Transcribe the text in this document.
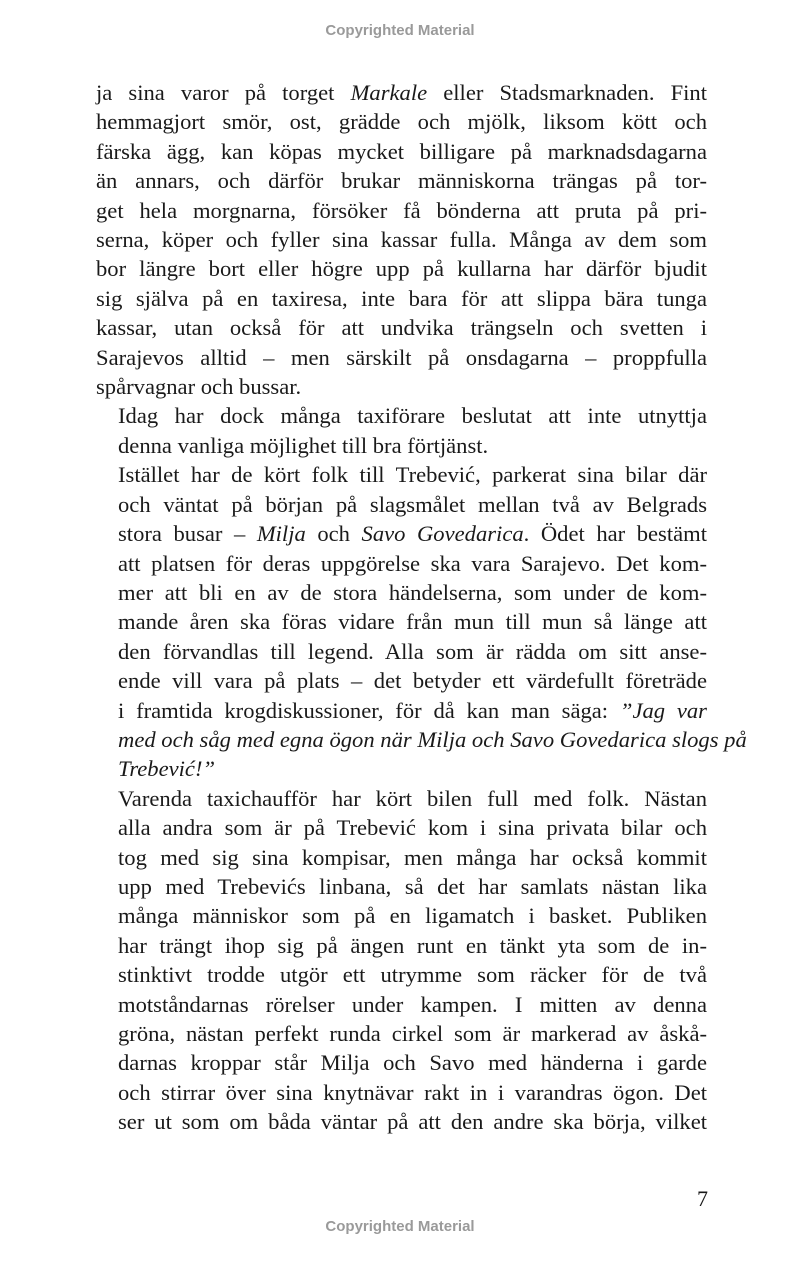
Copyrighted Material

ja sina varor på torget Markale eller Stadsmarknaden. Fint
hemmagjort smör, ost, grädde och mjölk, liksom kött och
färska ägg, kan köpas mycket billigare på marknadsdagarna
än annars, och därför brukar människorna trängas på tor-
get hela morgnarna, försöker få bönderna att pruta på pri-
serna, köper och fyller sina kassar fulla. Många av dem som
bor längre bort eller högre upp på kullarna har därför bjudit
sig själva på en taxiresa, inte bara för att slippa bära tunga
kassar, utan också för att undvika trängseln och svetten i
Sarajevos alltid – men särskilt på onsdagarna – proppfulla
spårvagnar och bussar.

Idag har dock många taxiförare beslutat att inte utnyttja
denna vanliga möjlighet till bra förtjänst.

Istället har de kört folk till Trebević, parkerat sina bilar där
och väntat på början på slagsmålet mellan två av Belgrads
stora busar – Milja och Savo Govedarica. Ödet har bestämt
att platsen för deras uppgörelse ska vara Sarajevo. Det kom-
mer att bli en av de stora händelserna, som under de kom-
mande åren ska föras vidare från mun till mun så länge att
den förvandlas till legend. Alla som är rädda om sitt anse-
ende vill vara på plats – det betyder ett värdefullt företräde
i framtida krogdiskussioner, för då kan man säga: ”Jag var
med och såg med egna ögon när Milja och Savo Govedarica slogs på
Trebević!”

Varenda taxichaufför har kört bilen full med folk. Nästan
alla andra som är på Trebević kom i sina privata bilar och
tog med sig sina kompisar, men många har också kommit
upp med Trebevićs linbana, så det har samlats nästan lika
många människor som på en ligamatch i basket. Publiken
har trängt ihop sig på ängen runt en tänkt yta som de in-
stinktivt trodde utgör ett utrymme som räcker för de två
motståndarnas rörelser under kampen. I mitten av denna
gröna, nästan perfekt runda cirkel som är markerad av åskå-
darnas kroppar står Milja och Savo med händerna i garde
och stirrar över sina knytnävar rakt in i varandras ögon. Det
ser ut som om båda väntar på att den andre ska börja, vilket

7
Copyrighted Material
